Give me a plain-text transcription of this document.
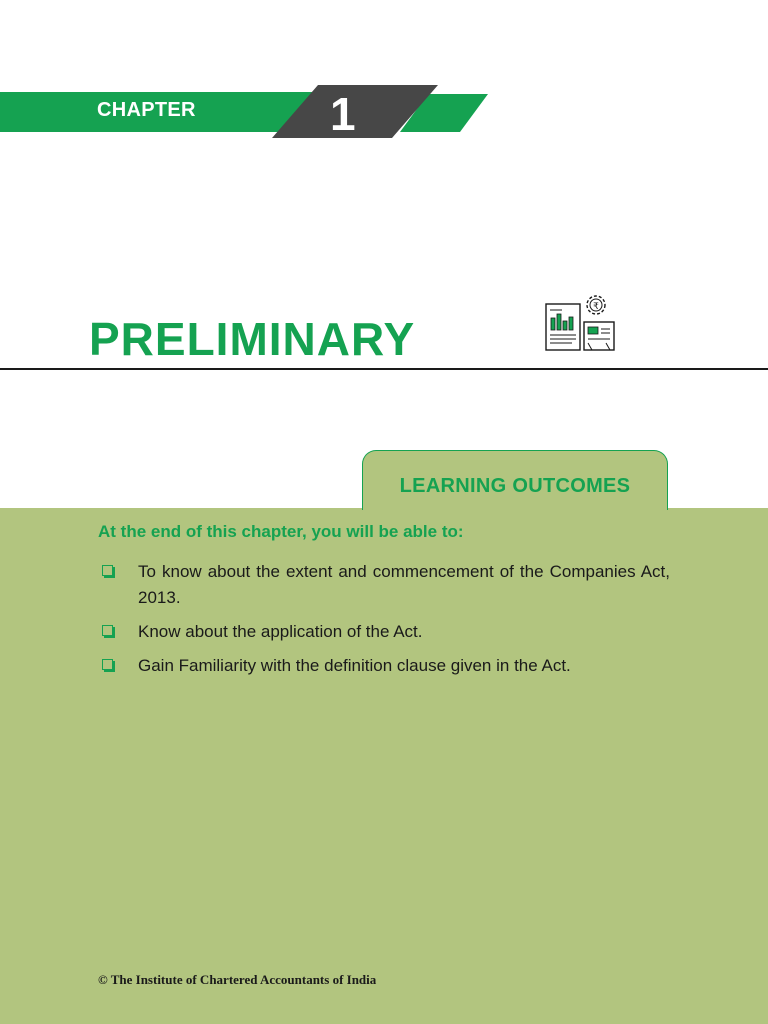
CHAPTER	1
PRELIMINARY
₹
LEARNING OUTCOMES
At the end of this chapter, you will be able to:
To know about the extent and commencement of the Companies Act, 2013.
Know about the application of the Act.
Gain Familiarity with the definition clause given in the Act.
© The Institute of Chartered Accountants of India
